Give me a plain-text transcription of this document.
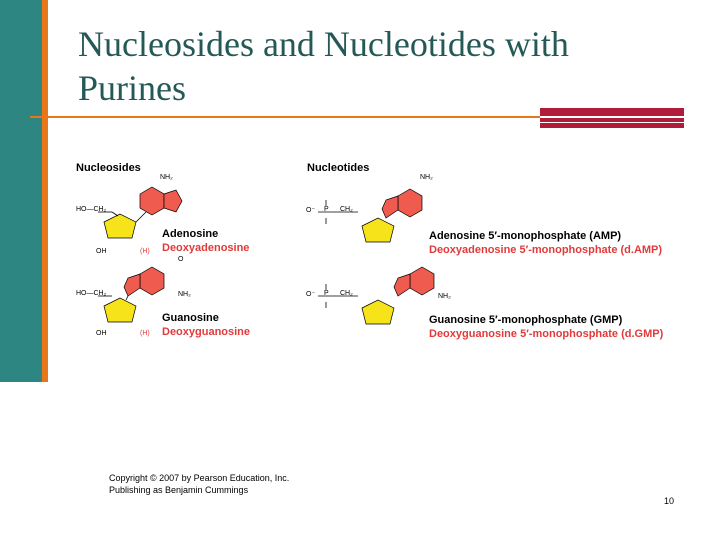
Nucleosides and Nucleotides with
Purines
Nucleosides	Nucleotides
HO—CH₂
HO—CH₂
NH₂
NH₂
OH	(H)
OH	(H)
O
O⁻ P CH₂
O⁻ P CH₂
NH₂
NH₂
Adenosine
Deoxyadenosine
Guanosine
Deoxyguanosine
Adenosine 5′-monophosphate (AMP)
Deoxyadenosine 5′-monophosphate (d.AMP)
Guanosine 5′-monophosphate (GMP)
Deoxyguanosine 5′-monophosphate (d.GMP)
Copyright © 2007 by Pearson Education, Inc.
Publishing as Benjamin Cummings
10
